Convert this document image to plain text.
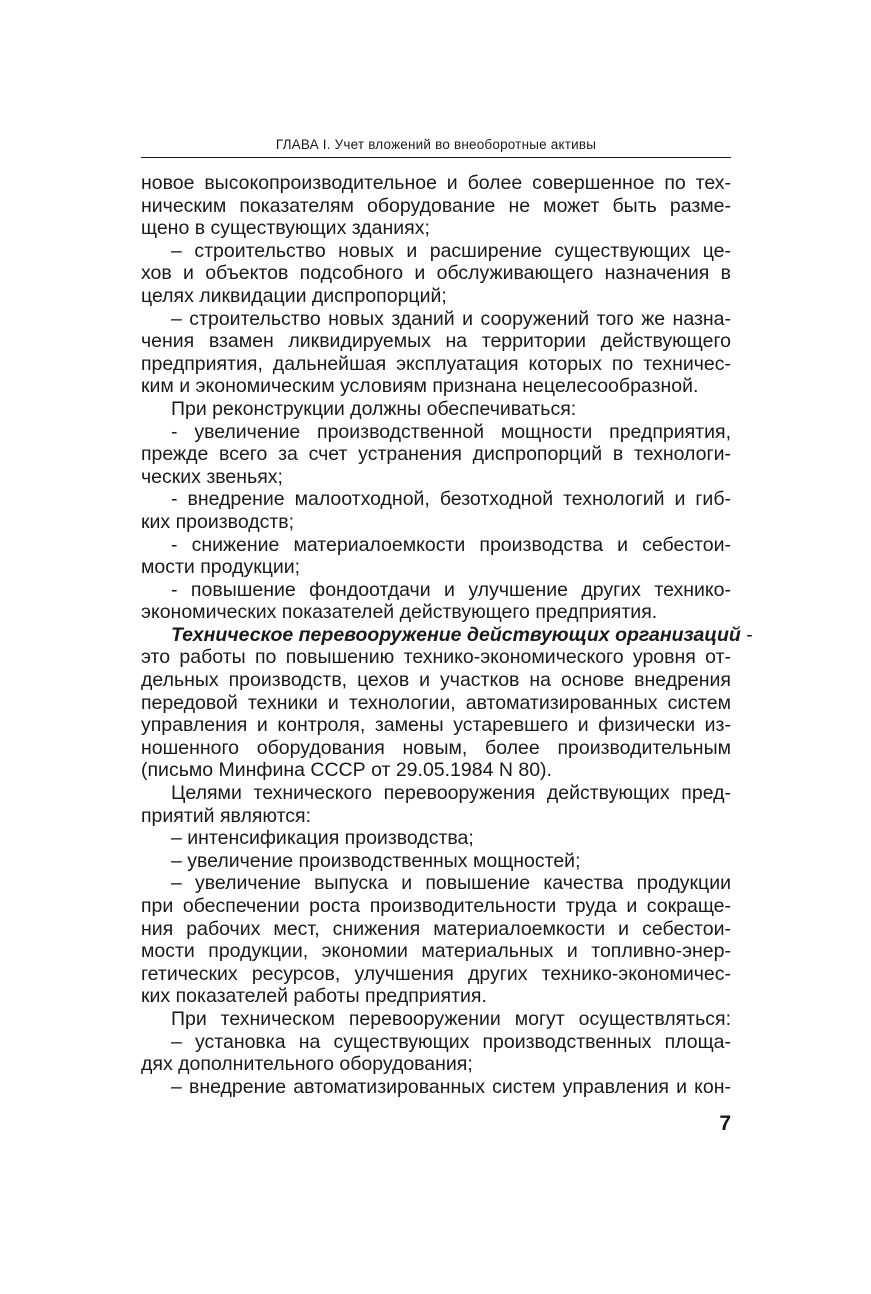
ГЛАВА I. Учет вложений во внеоборотные активы
новое высокопроизводительное и более совершенное по тех-
ническим показателям оборудование не может быть разме-
щено в существующих зданиях;
– строительство новых и расширение существующих це-
хов и объектов подсобного и обслуживающего назначения в
целях ликвидации диспропорций;
– строительство новых зданий и сооружений того же назна-
чения взамен ликвидируемых на территории действующего
предприятия, дальнейшая эксплуатация которых по техничес-
ким и экономическим условиям признана нецелесообразной.
При реконструкции должны обеспечиваться:
- увеличение производственной мощности предприятия,
прежде всего за счет устранения диспропорций в технологи-
ческих звеньях;
- внедрение малоотходной, безотходной технологий и гиб-
ких производств;
- снижение материалоемкости производства и себестои-
мости продукции;
- повышение фондоотдачи и улучшение других технико-
экономических показателей действующего предприятия.
Техническое перевооружение действующих организаций -
это работы по повышению технико-экономического уровня от-
дельных производств, цехов и участков на основе внедрения
передовой техники и технологии, автоматизированных систем
управления и контроля, замены устаревшего и физически из-
ношенного оборудования новым, более производительным
(письмо Минфина СССР от 29.05.1984 N 80).
Целями технического перевооружения действующих пред-
приятий являются:
– интенсификация производства;
– увеличение производственных мощностей;
– увеличение выпуска и повышение качества продукции
при обеспечении роста производительности труда и сокраще-
ния рабочих мест, снижения материалоемкости и себестои-
мости продукции, экономии материальных и топливно-энер-
гетических ресурсов, улучшения других технико-экономичес-
ких показателей работы предприятия.
При техническом перевооружении могут осуществляться:
– установка на существующих производственных площа-
дях дополнительного оборудования;
– внедрение автоматизированных систем управления и кон-
7
